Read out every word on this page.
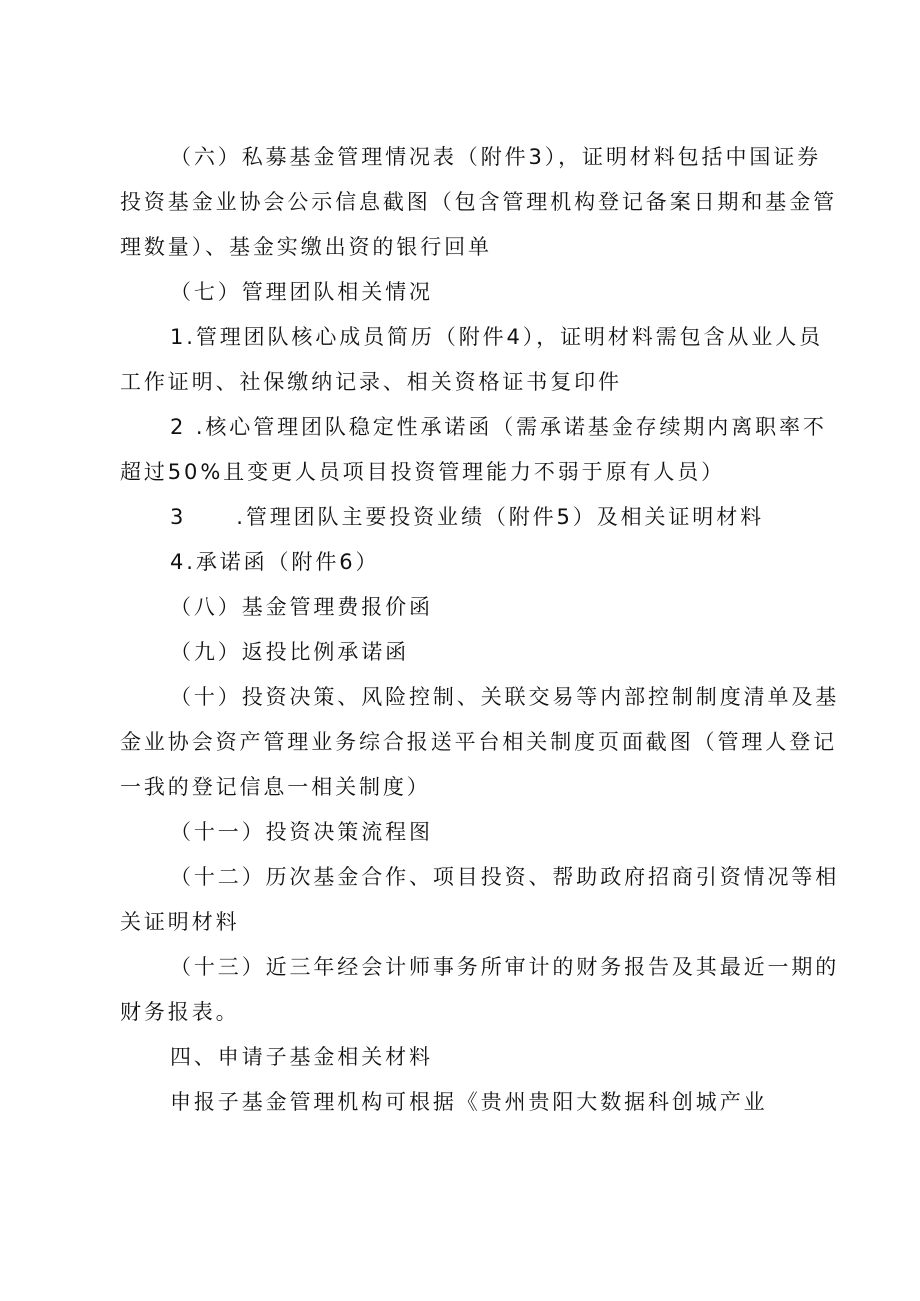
（六）私募基金管理情况表（附件3），证明材料包括中国证券
投资基金业协会公示信息截图（包含管理机构登记备案日期和基金管
理数量）、基金实缴出资的银行回单
（七）管理团队相关情况
1.管理团队核心成员简历（附件4），证明材料需包含从业人员
工作证明、社保缴纳记录、相关资格证书复印件
2 .核心管理团队稳定性承诺函（需承诺基金存续期内离职率不
超过50%且变更人员项目投资管理能力不弱于原有人员）
3 .管理团队主要投资业绩（附件5）及相关证明材料
4.承诺函（附件6）
（八）基金管理费报价函
（九）返投比例承诺函
（十）投资决策、风险控制、关联交易等内部控制制度清单及基
金业协会资产管理业务综合报送平台相关制度页面截图（管理人登记
一我的登记信息一相关制度）
（十一）投资决策流程图
（十二）历次基金合作、项目投资、帮助政府招商引资情况等相
关证明材料
（十三）近三年经会计师事务所审计的财务报告及其最近一期的
财务报表。
四、申请子基金相关材料
申报子基金管理机构可根据《贵州贵阳大数据科创城产业
